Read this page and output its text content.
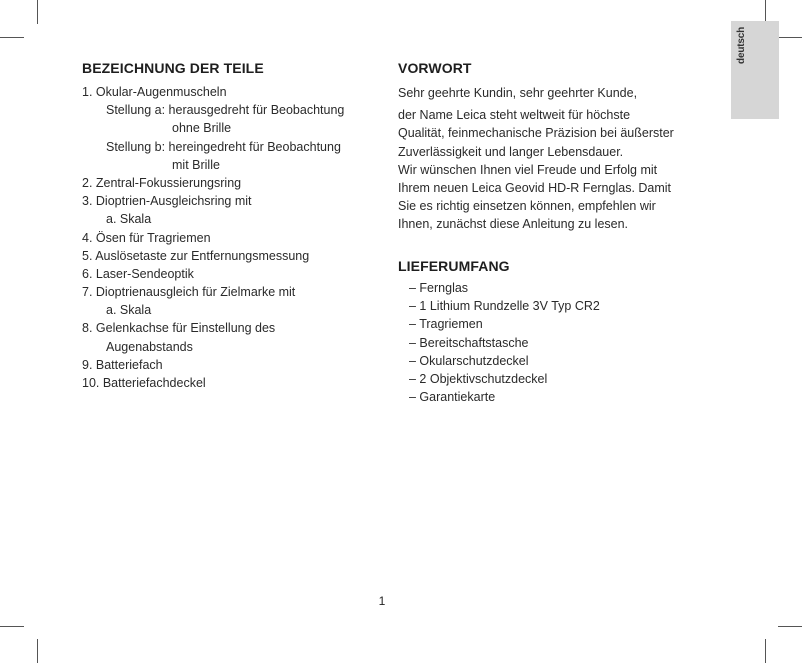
deutsch
BEZEICHNUNG DER TEILE
1. Okular-Augenmuscheln
Stellung a: herausgedreht für Beobachtung
ohne Brille
Stellung b: hereingedreht für Beobachtung
mit Brille
2. Zentral-Fokussierungsring
3. Dioptrien-Ausgleichsring mit
a. Skala
4. Ösen für Tragriemen
5. Auslösetaste zur Entfernungsmessung
6. Laser-Sendeoptik
7. Dioptrienausgleich für Zielmarke mit
a. Skala
8. Gelenkachse für Einstellung des
Augenabstands
9. Batteriefach
10. Batteriefachdeckel
VORWORT
Sehr geehrte Kundin, sehr geehrter Kunde,
der Name Leica steht weltweit für höchste
Qualität, feinmechanische Präzision bei äußerster
Zuverlässigkeit und langer Lebensdauer.
Wir wünschen Ihnen viel Freude und Erfolg mit
Ihrem neuen Leica Geovid HD-R Fernglas. Damit
Sie es richtig einsetzen können, empfehlen wir
Ihnen, zunächst diese Anleitung zu lesen.
LIEFERUMFANG
– Fernglas
– 1 Lithium Rundzelle 3V Typ CR2
– Tragriemen
– Bereitschaftstasche
– Okularschutzdeckel
– 2 Objektivschutzdeckel
– Garantiekarte
1
